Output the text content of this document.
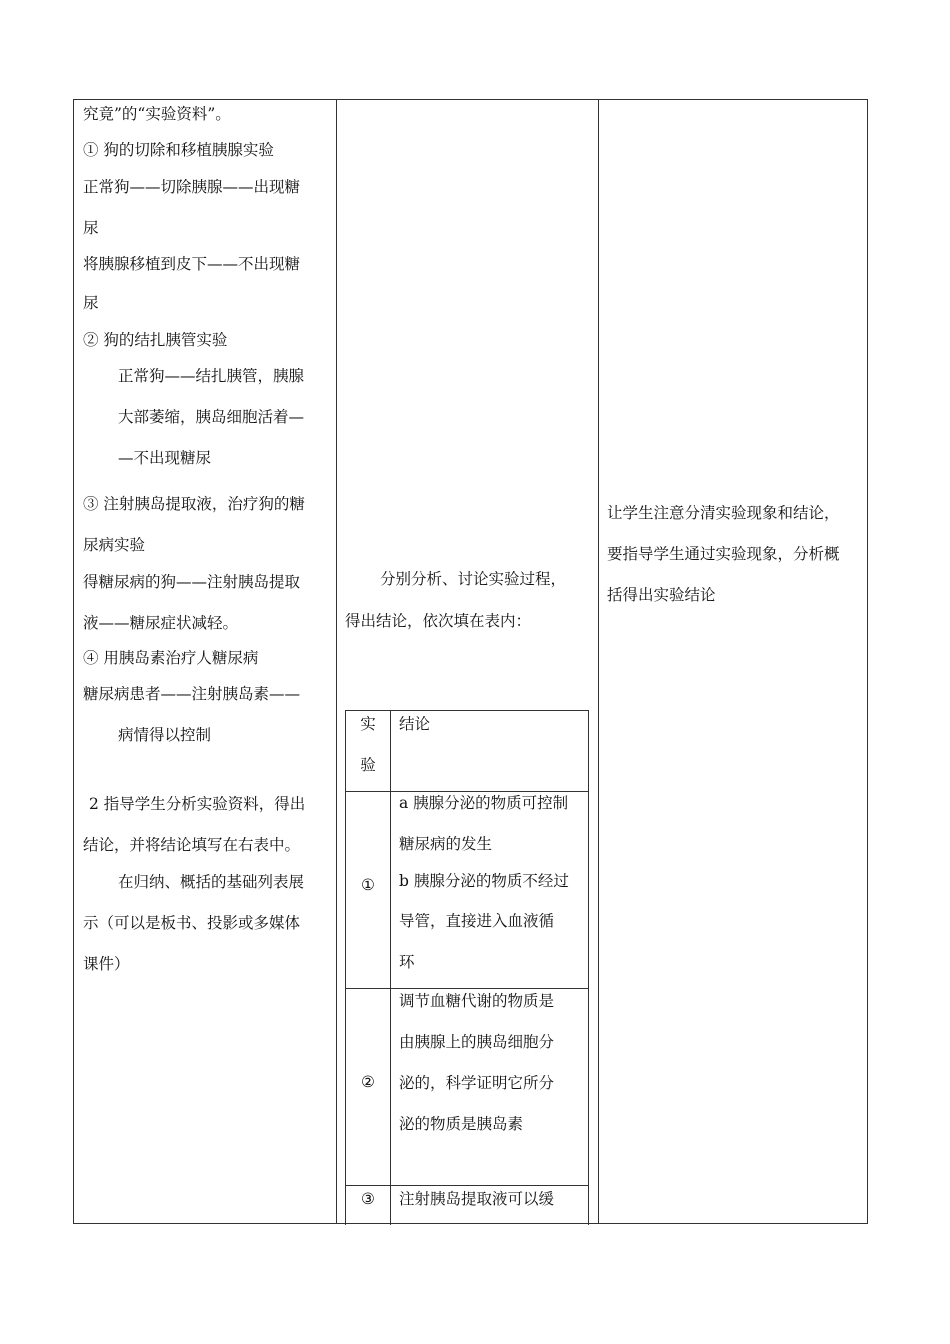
究竟”的“实验资料”。
① 狗的切除和移植胰腺实验
正常狗——切除胰腺——出现糖
尿
将胰腺移植到皮下——不出现糖
尿
② 狗的结扎胰管实验
正常狗——结扎胰管，胰腺
大部萎缩，胰岛细胞活着—
—不出现糖尿
③ 注射胰岛提取液，治疗狗的糖
尿病实验
得糖尿病的狗——注射胰岛提取
液——糖尿症状减轻。
④ 用胰岛素治疗人糖尿病
糖尿病患者——注射胰岛素——
病情得以控制
2 指导学生分析实验资料，得出
结论，并将结论填写在右表中。
在归纳、概括的基础列表展
示（可以是板书、投影或多媒体
课件）
分别分析、讨论实验过程，
得出结论，依次填在表内：
实
验
结论
①
a 胰腺分泌的物质可控制
糖尿病的发生
b 胰腺分泌的物质不经过
导管，直接进入血液循
环
②
调节血糖代谢的物质是
由胰腺上的胰岛细胞分
泌的，科学证明它所分
泌的物质是胰岛素
③	注射胰岛提取液可以缓
让学生注意分清实验现象和结论，
要指导学生通过实验现象，分析概
括得出实验结论
